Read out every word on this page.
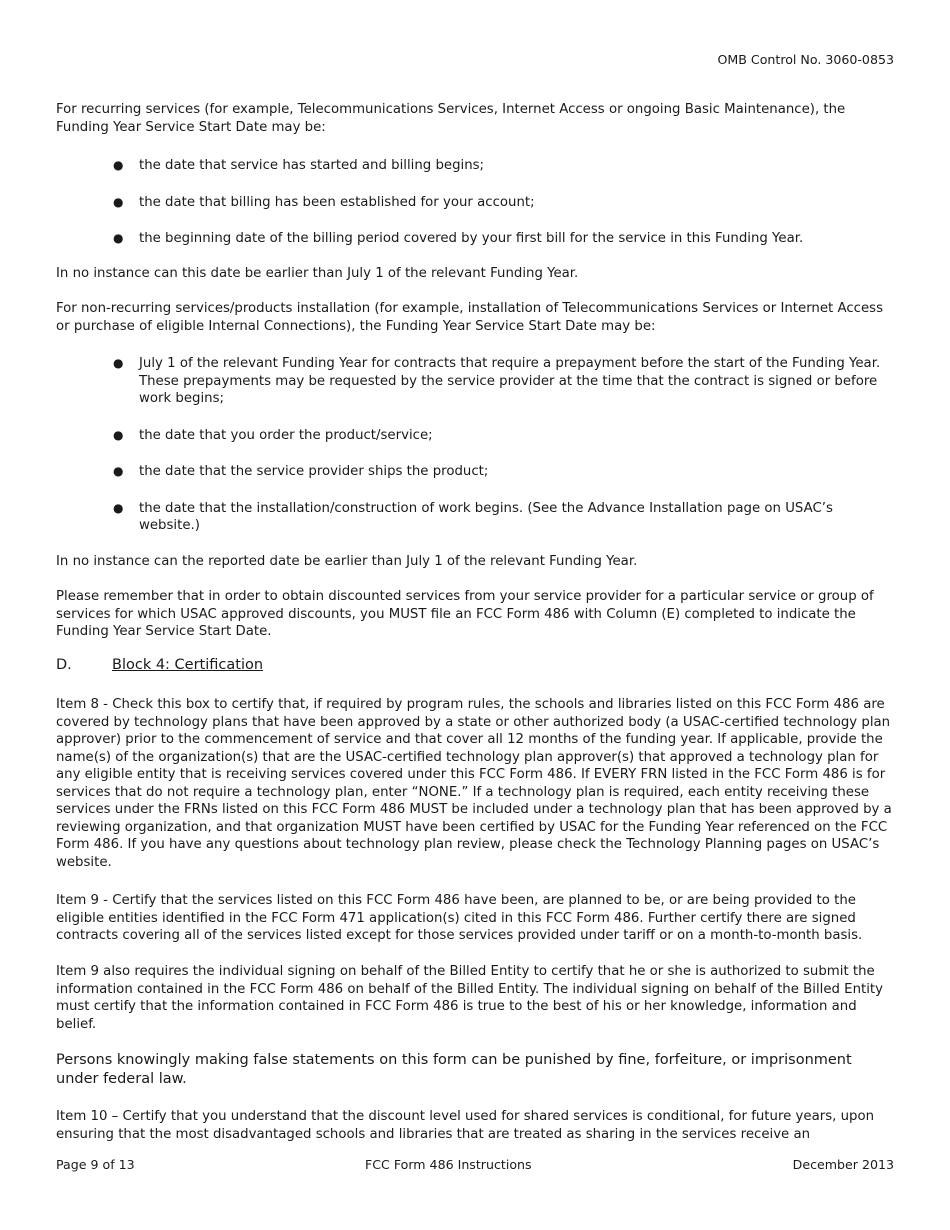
OMB Control No. 3060-0853

For recurring services (for example, Telecommunications Services, Internet Access or ongoing Basic Maintenance), the Funding Year Service Start Date may be:

● the date that service has started and billing begins;
● the date that billing has been established for your account;
● the beginning date of the billing period covered by your first bill for the service in this Funding Year.

In no instance can this date be earlier than July 1 of the relevant Funding Year.

For non-recurring services/products installation (for example, installation of Telecommunications Services or Internet Access or purchase of eligible Internal Connections), the Funding Year Service Start Date may be:

● July 1 of the relevant Funding Year for contracts that require a prepayment before the start of the Funding Year. These prepayments may be requested by the service provider at the time that the contract is signed or before work begins;
● the date that you order the product/service;
● the date that the service provider ships the product;
● the date that the installation/construction of work begins. (See the Advance Installation page on USAC’s website.)

In no instance can the reported date be earlier than July 1 of the relevant Funding Year.

Please remember that in order to obtain discounted services from your service provider for a particular service or group of services for which USAC approved discounts, you MUST file an FCC Form 486 with Column (E) completed to indicate the Funding Year Service Start Date.

D.	Block 4: Certification

Item 8 - Check this box to certify that, if required by program rules, the schools and libraries listed on this FCC Form 486 are covered by technology plans that have been approved by a state or other authorized body (a USAC-certified technology plan approver) prior to the commencement of service and that cover all 12 months of the funding year. If applicable, provide the name(s) of the organization(s) that are the USAC-certified technology plan approver(s) that approved a technology plan for any eligible entity that is receiving services covered under this FCC Form 486. If EVERY FRN listed in the FCC Form 486 is for services that do not require a technology plan, enter “NONE.” If a technology plan is required, each entity receiving these services under the FRNs listed on this FCC Form 486 MUST be included under a technology plan that has been approved by a reviewing organization, and that organization MUST have been certified by USAC for the Funding Year referenced on the FCC Form 486. If you have any questions about technology plan review, please check the Technology Planning pages on USAC’s website.

Item 9 - Certify that the services listed on this FCC Form 486 have been, are planned to be, or are being provided to the eligible entities identified in the FCC Form 471 application(s) cited in this FCC Form 486. Further certify there are signed contracts covering all of the services listed except for those services provided under tariff or on a month-to-month basis.

Item 9 also requires the individual signing on behalf of the Billed Entity to certify that he or she is authorized to submit the information contained in the FCC Form 486 on behalf of the Billed Entity. The individual signing on behalf of the Billed Entity must certify that the information contained in FCC Form 486 is true to the best of his or her knowledge, information and belief.

Persons knowingly making false statements on this form can be punished by fine, forfeiture, or imprisonment under federal law.

Item 10 – Certify that you understand that the discount level used for shared services is conditional, for future years, upon ensuring that the most disadvantaged schools and libraries that are treated as sharing in the services receive an

Page 9 of 13	FCC Form 486 Instructions	December 2013
